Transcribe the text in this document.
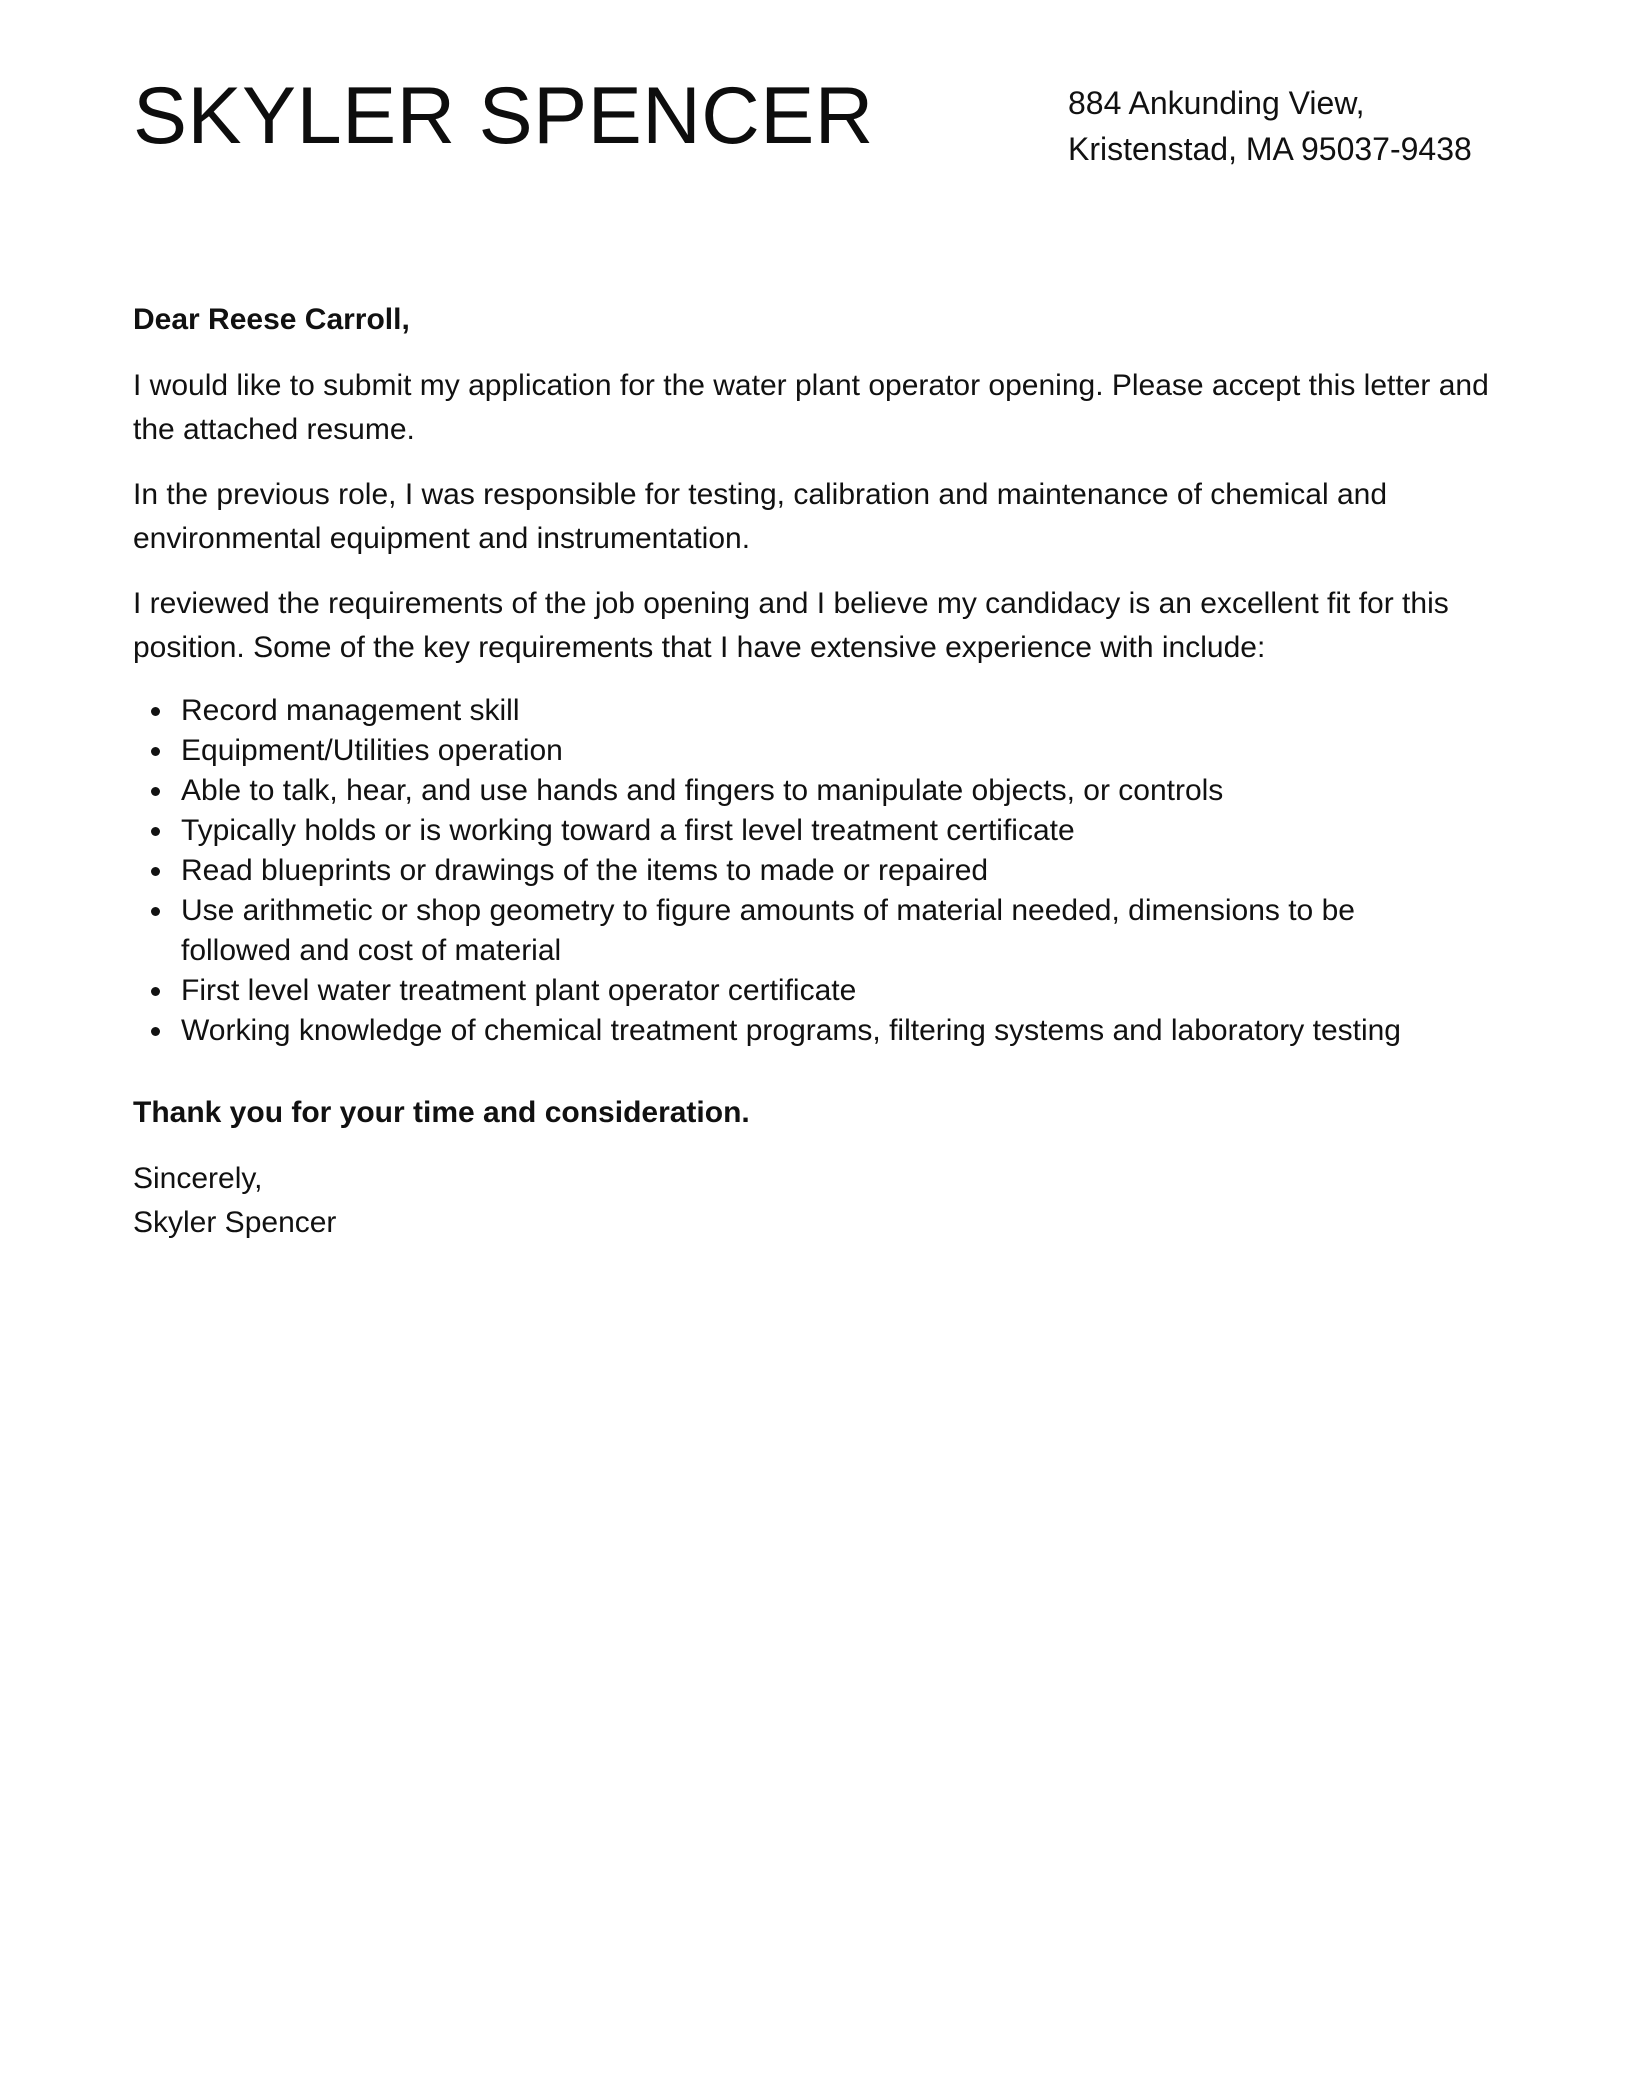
SKYLER SPENCER	884 Ankunding View,
Kristenstad, MA 95037-9438

Dear Reese Carroll,

I would like to submit my application for the water plant operator opening. Please accept this letter and the attached resume.

In the previous role, I was responsible for testing, calibration and maintenance of chemical and environmental equipment and instrumentation.

I reviewed the requirements of the job opening and I believe my candidacy is an excellent fit for this position. Some of the key requirements that I have extensive experience with include:

Record management skill
Equipment/Utilities operation
Able to talk, hear, and use hands and fingers to manipulate objects, or controls
Typically holds or is working toward a first level treatment certificate
Read blueprints or drawings of the items to made or repaired
Use arithmetic or shop geometry to figure amounts of material needed, dimensions to be followed and cost of material
First level water treatment plant operator certificate
Working knowledge of chemical treatment programs, filtering systems and laboratory testing

Thank you for your time and consideration.

Sincerely,
Skyler Spencer
